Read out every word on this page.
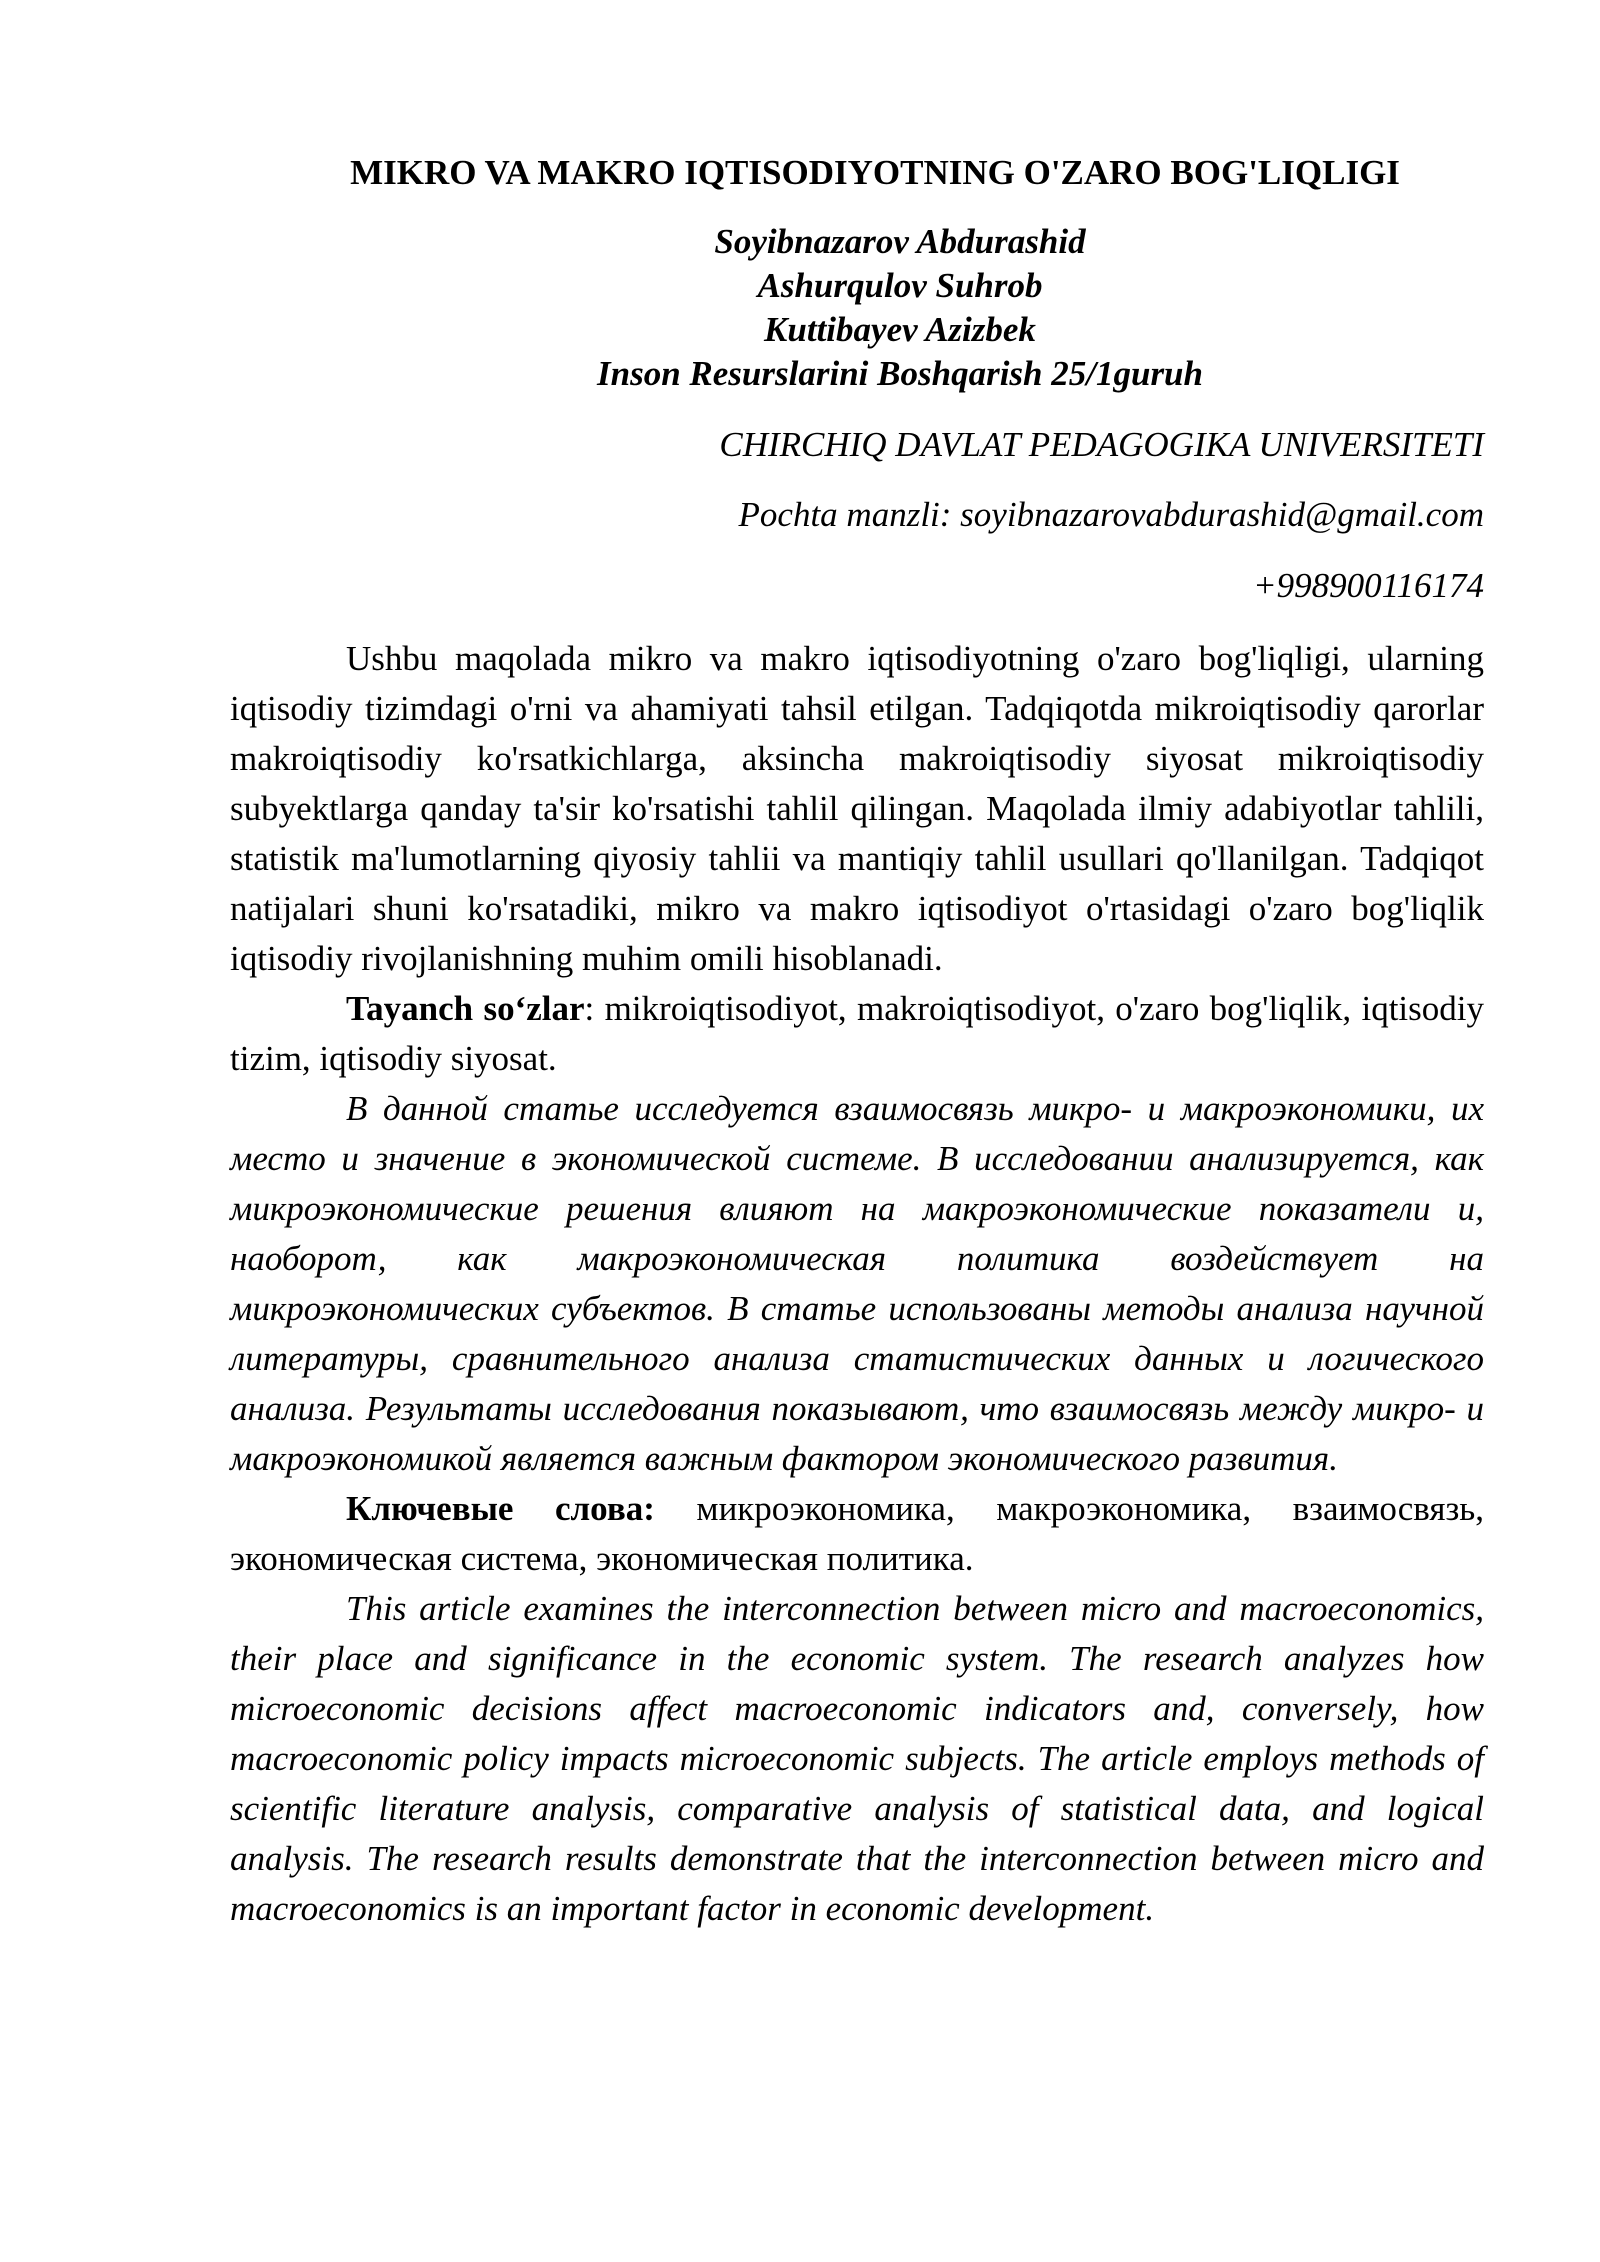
MIKRO VA MAKRO IQTISODIYOTNING O'ZARO BOG'LIQLIGI
Soyibnazarov Abdurashid
Ashurqulov Suhrob
Kuttibayev Azizbek
Inson Resurslarini Boshqarish 25/1guruh
CHIRCHIQ DAVLAT PEDAGOGIKA UNIVERSITETI
Pochta manzli: soyibnazarovabdurashid@gmail.com
+998900116174

Ushbu maqolada mikro va makro iqtisodiyotning o'zaro bog'liqligi, ularning iqtisodiy tizimdagi o'rni va ahamiyati tahsil etilgan. Tadqiqotda mikroiqtisodiy qarorlar makroiqtisodiy ko'rsatkichlarga, aksincha makroiqtisodiy siyosat mikroiqtisodiy subyektlarga qanday ta'sir ko'rsatishi tahlil qilingan. Maqolada ilmiy adabiyotlar tahlili, statistik ma'lumotlarning qiyosiy tahlii va mantiqiy tahlil usullari qo'llanilgan. Tadqiqot natijalari shuni ko'rsatadiki, mikro va makro iqtisodiyot o'rtasidagi o'zaro bog'liqlik iqtisodiy rivojlanishning muhim omili hisoblanadi.

Tayanch so‘zlar: mikroiqtisodiyot, makroiqtisodiyot, o'zaro bog'liqlik, iqtisodiy tizim, iqtisodiy siyosat.

В данной статье исследуется взаимосвязь микро- и макроэкономики, их место и значение в экономической системе. В исследовании анализируется, как микроэкономические решения влияют на макроэкономические показатели и, наоборот, как макроэкономическая политика воздействует на микроэкономических субъектов. В статье использованы методы анализа научной литературы, сравнительного анализа статистических данных и логического анализа. Результаты исследования показывают, что взаимосвязь между микро- и макроэкономикой является важным фактором экономического развития.

Ключевые слова: микроэкономика, макроэкономика, взаимосвязь, экономическая система, экономическая политика.

This article examines the interconnection between micro and macroeconomics, their place and significance in the economic system. The research analyzes how microeconomic decisions affect macroeconomic indicators and, conversely, how macroeconomic policy impacts microeconomic subjects. The article employs methods of scientific literature analysis, comparative analysis of statistical data, and logical analysis. The research results demonstrate that the interconnection between micro and macroeconomics is an important factor in economic development.
